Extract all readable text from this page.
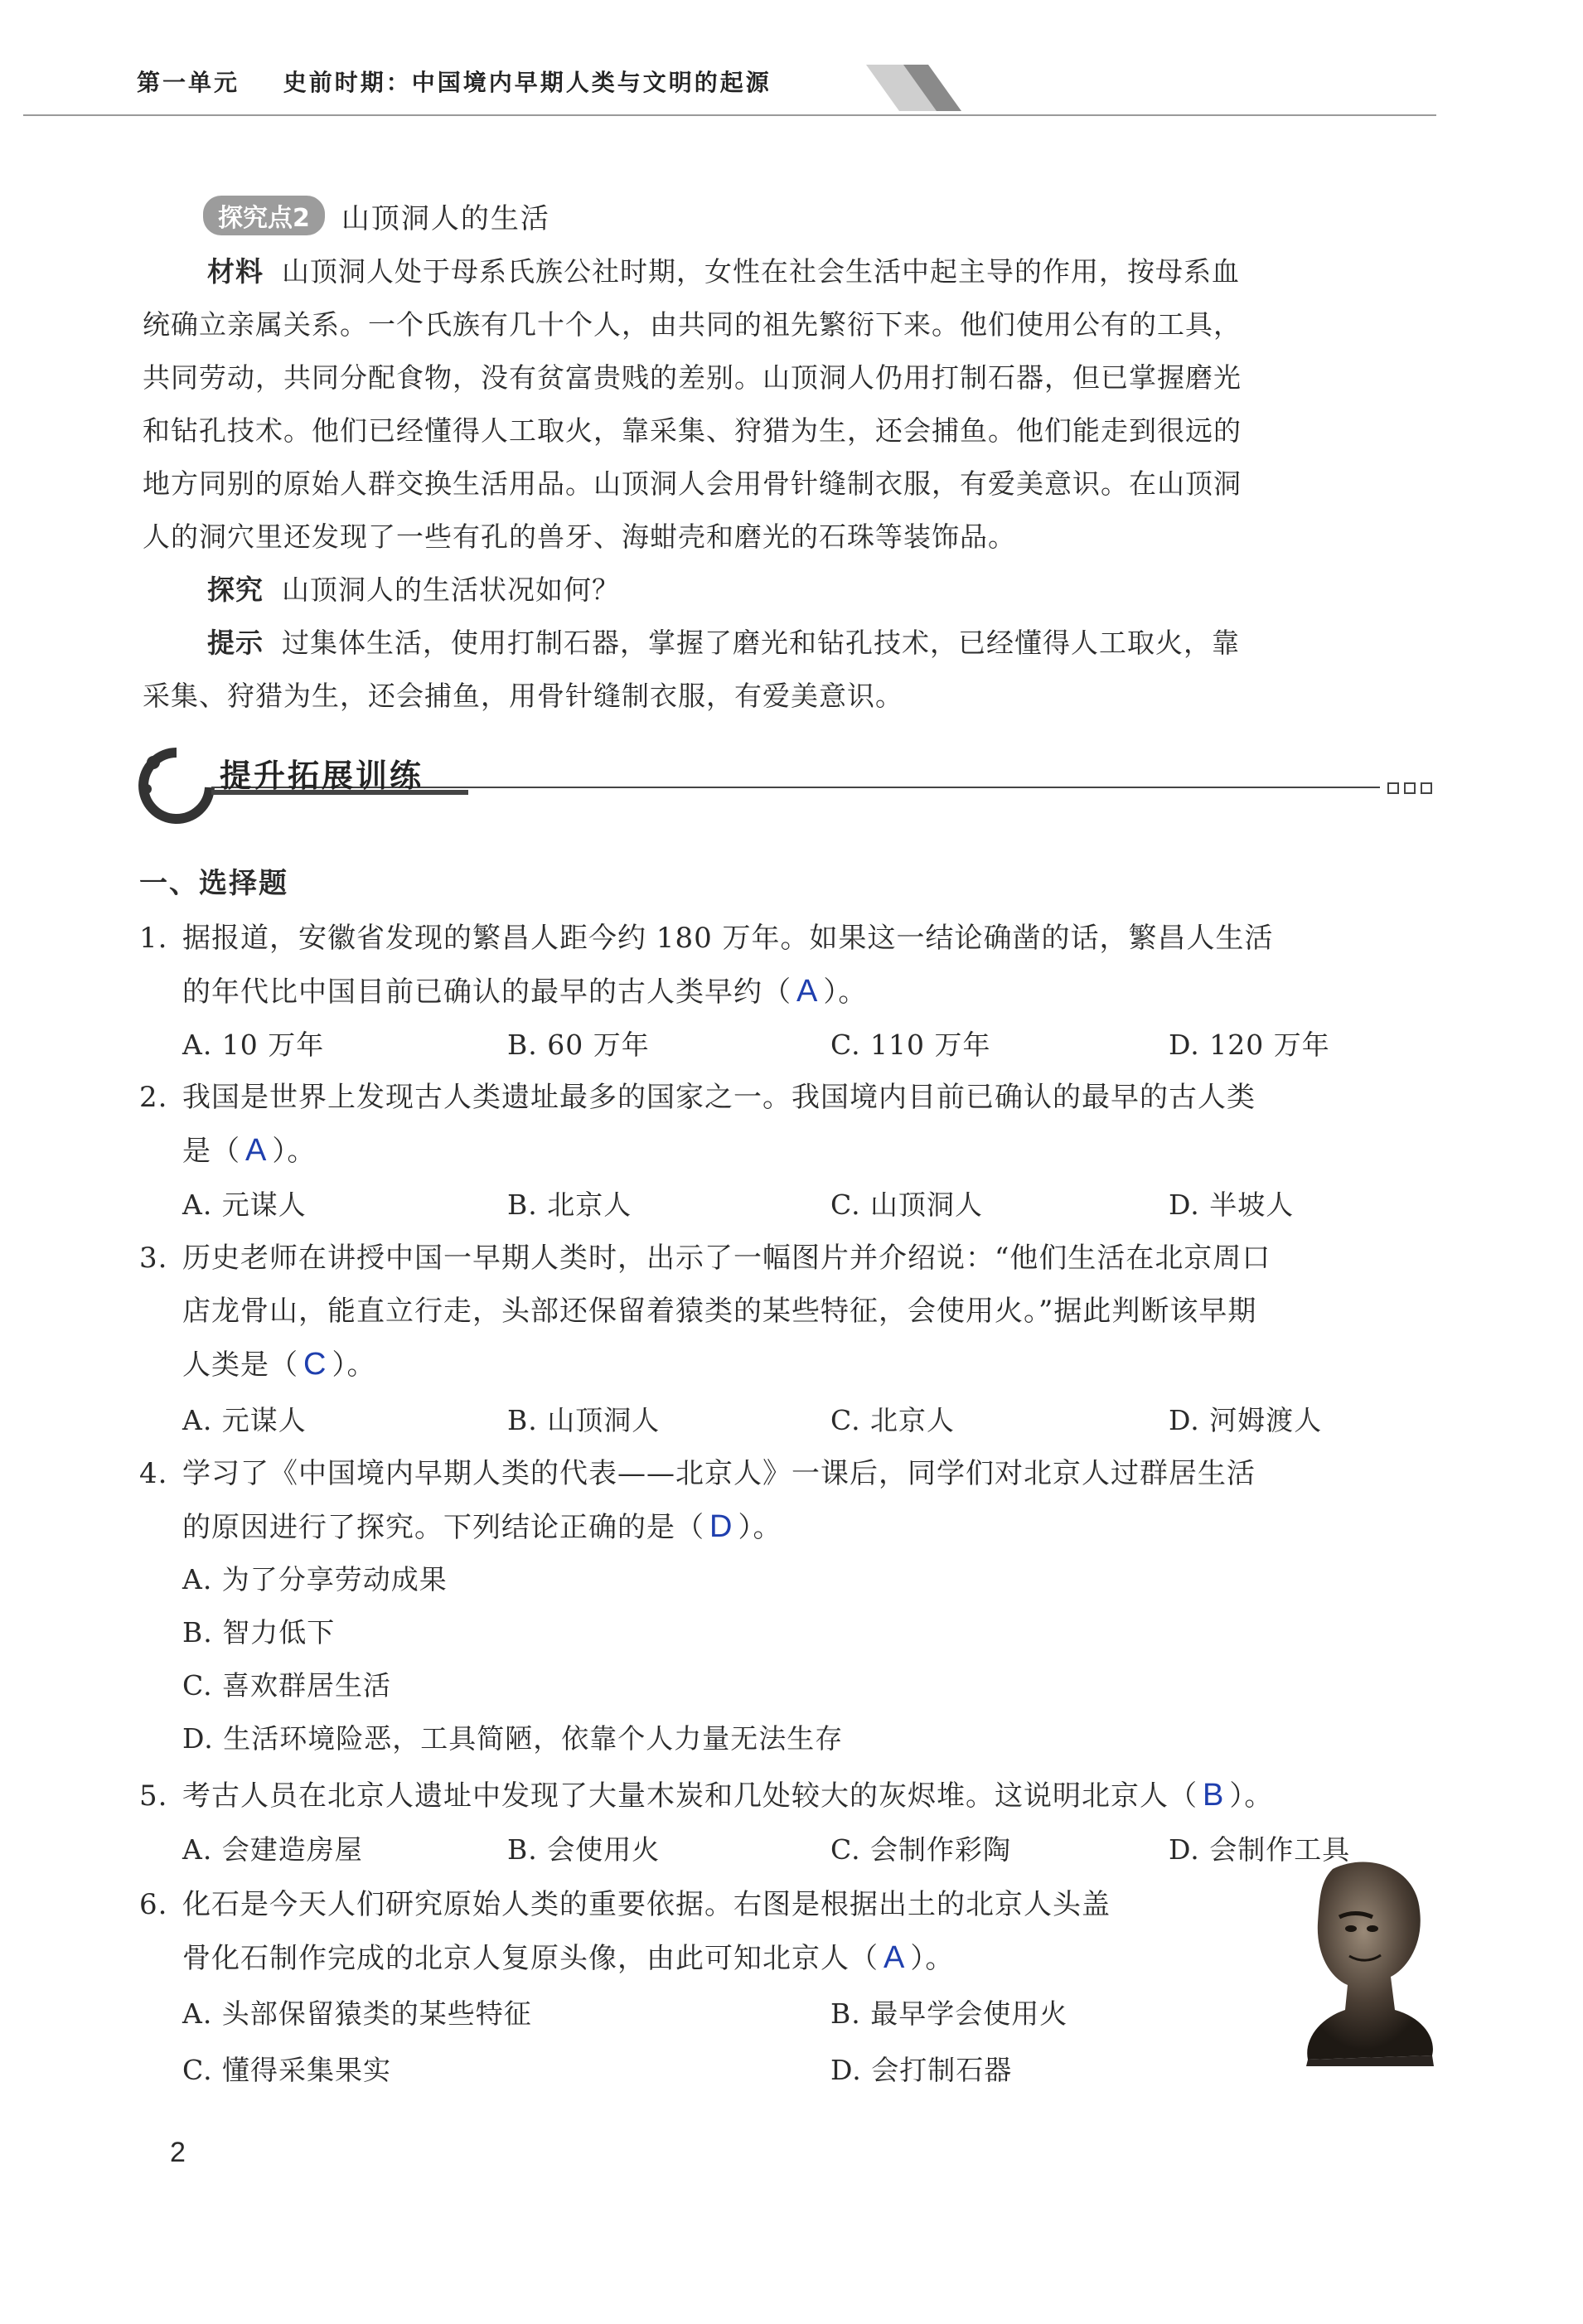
第一单元 史前时期：中国境内早期人类与文明的起源
探究点2	山顶洞人的生活
材料 山顶洞人处于母系氏族公社时期，女性在社会生活中起主导的作用，按母系血
统确立亲属关系。一个氏族有几十个人，由共同的祖先繁衍下来。他们使用公有的工具，
共同劳动，共同分配食物，没有贫富贵贱的差别。山顶洞人仍用打制石器，但已掌握磨光
和钻孔技术。他们已经懂得人工取火，靠采集、狩猎为生，还会捕鱼。他们能走到很远的
地方同别的原始人群交换生活用品。山顶洞人会用骨针缝制衣服，有爱美意识。在山顶洞
人的洞穴里还发现了一些有孔的兽牙、海蚶壳和磨光的石珠等装饰品。
探究 山顶洞人的生活状况如何？
提示 过集体生活，使用打制石器，掌握了磨光和钻孔技术，已经懂得人工取火，靠
采集、狩猎为生，还会捕鱼，用骨针缝制衣服，有爱美意识。
提升拓展训练
一、选择题
1. 据报道，安徽省发现的繁昌人距今约 180 万年。如果这一结论确凿的话，繁昌人生活
的年代比中国目前已确认的最早的古人类早约（ A ）。
A. 10 万年	B. 60 万年	C. 110 万年	D. 120 万年
2. 我国是世界上发现古人类遗址最多的国家之一。我国境内目前已确认的最早的古人类
是（ A ）。
A. 元谋人	B. 北京人	C. 山顶洞人	D. 半坡人
3. 历史老师在讲授中国一早期人类时，出示了一幅图片并介绍说：“他们生活在北京周口
店龙骨山，能直立行走，头部还保留着猿类的某些特征，会使用火。”据此判断该早期
人类是（ C ）。
A. 元谋人	B. 山顶洞人	C. 北京人	D. 河姆渡人
4. 学习了《中国境内早期人类的代表——北京人》一课后，同学们对北京人过群居生活
的原因进行了探究。下列结论正确的是（ D ）。
A. 为了分享劳动成果
B. 智力低下
C. 喜欢群居生活
D. 生活环境险恶，工具简陋，依靠个人力量无法生存
5. 考古人员在北京人遗址中发现了大量木炭和几处较大的灰烬堆。这说明北京人（ B ）。
A. 会建造房屋	B. 会使用火	C. 会制作彩陶	D. 会制作工具
6. 化石是今天人们研究原始人类的重要依据。右图是根据出土的北京人头盖
骨化石制作完成的北京人复原头像，由此可知北京人（ A ）。
A. 头部保留猿类的某些特征	B. 最早学会使用火
C. 懂得采集果实	D. 会打制石器
2
